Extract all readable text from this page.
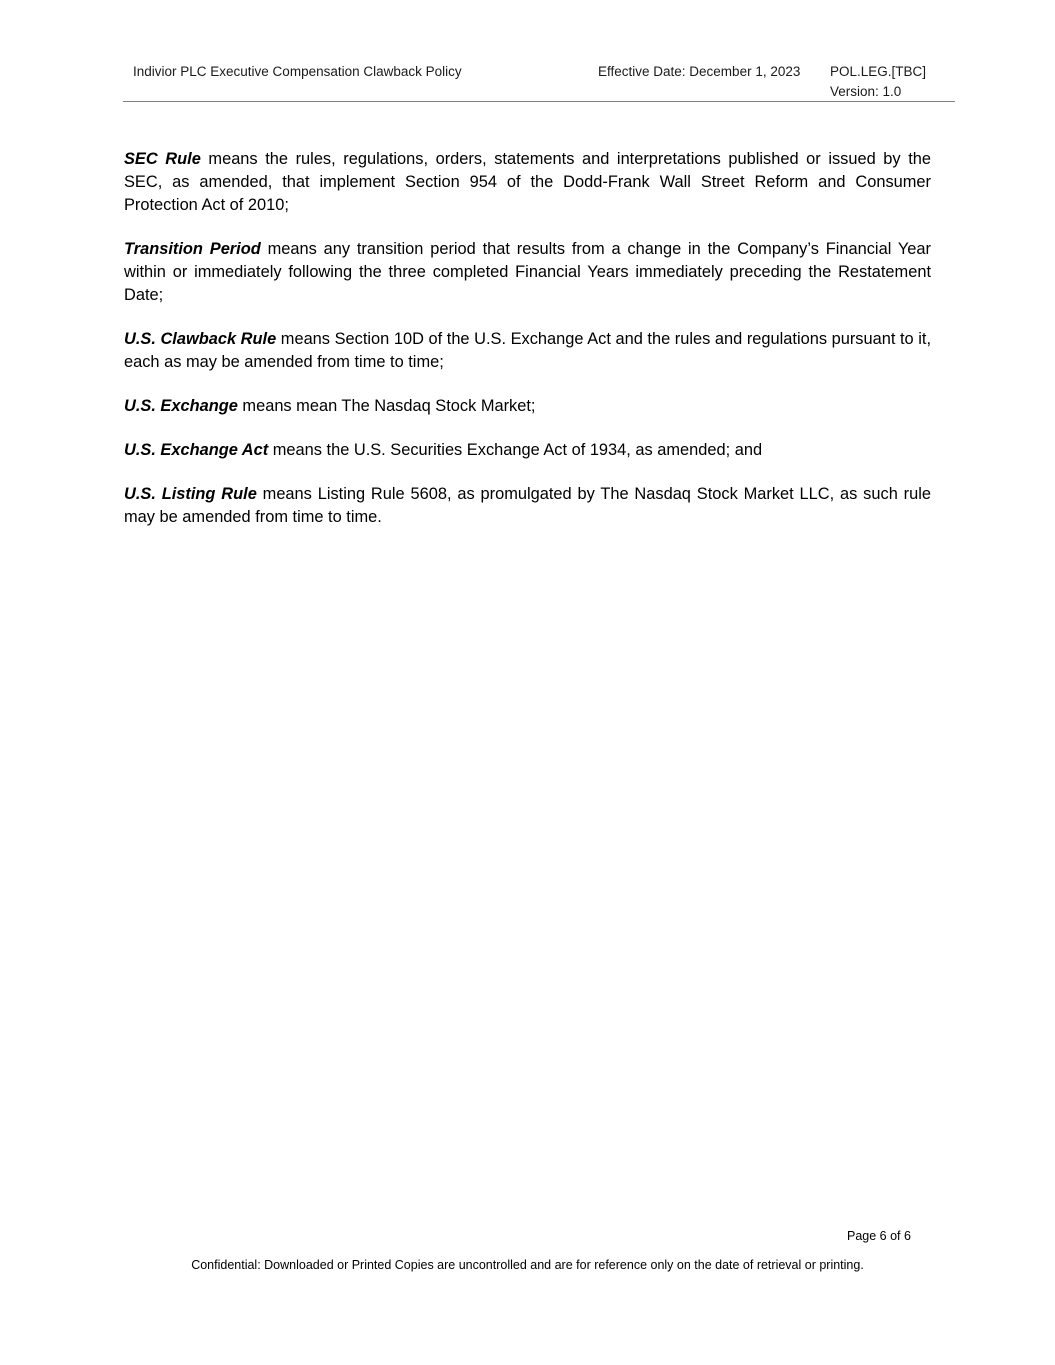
Indivior PLC Executive Compensation Clawback Policy	Effective Date: December 1, 2023 POL.LEG.[TBC]
Version: 1.0

SEC Rule means the rules, regulations, orders, statements and interpretations published or issued by the SEC, as amended, that implement Section 954 of the Dodd-Frank Wall Street Reform and Consumer Protection Act of 2010;

Transition Period means any transition period that results from a change in the Company’s Financial Year within or immediately following the three completed Financial Years immediately preceding the Restatement Date;

U.S. Clawback Rule means Section 10D of the U.S. Exchange Act and the rules and regulations pursuant to it, each as may be amended from time to time;

U.S. Exchange means mean The Nasdaq Stock Market;

U.S. Exchange Act means the U.S. Securities Exchange Act of 1934, as amended; and

U.S. Listing Rule means Listing Rule 5608, as promulgated by The Nasdaq Stock Market LLC, as such rule may be amended from time to time.

Page 6 of 6
Confidential: Downloaded or Printed Copies are uncontrolled and are for reference only on the date of retrieval or printing.
